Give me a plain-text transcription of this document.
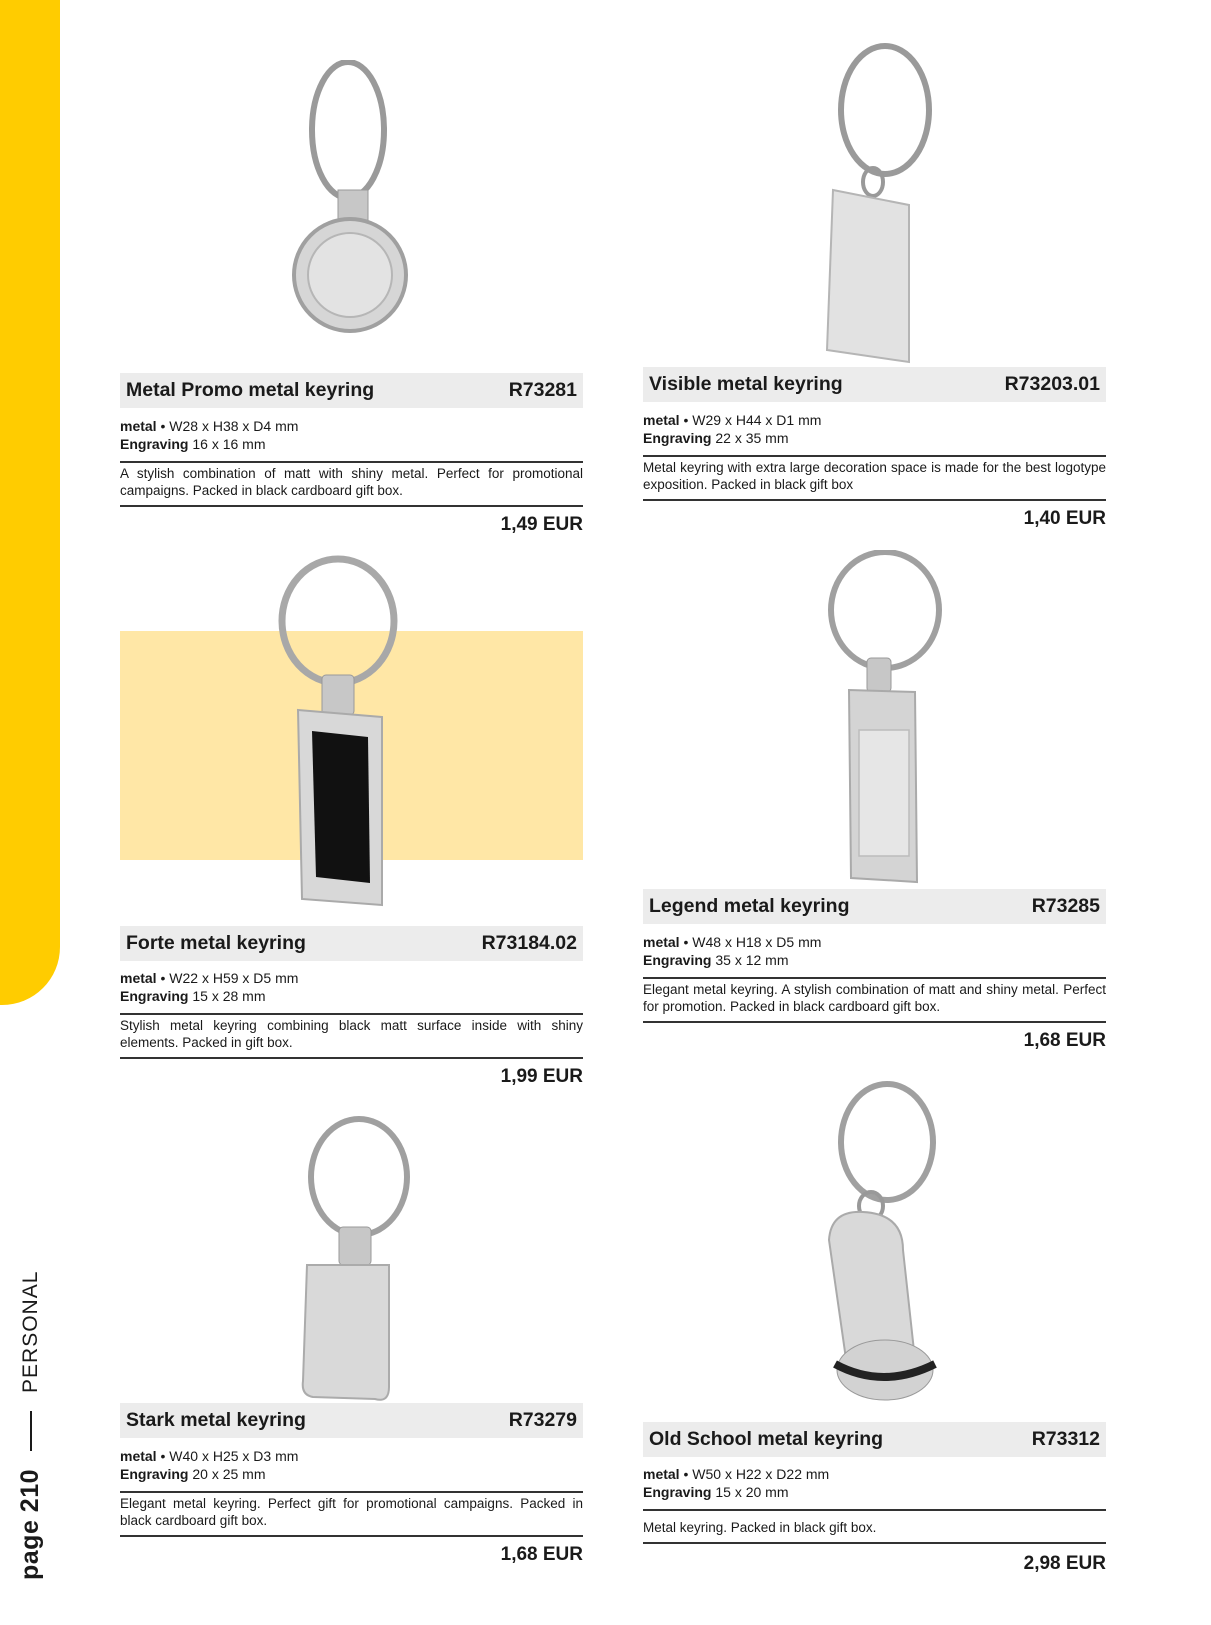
page 210
PERSONAL
Metal Promo metal keyring	R73281
metal • W28 x H38 x D4 mm
Engraving 16 x 16 mm
A stylish combination of matt with shiny metal. Perfect for promotional campaigns. Packed in black cardboard gift box.
1,49 EUR
Visible metal keyring	R73203.01
metal • W29 x H44 x D1 mm
Engraving 22 x 35 mm
Metal keyring with extra large decoration space is made for the best logotype exposition. Packed in black gift box
1,40 EUR
Forte metal keyring	R73184.02
metal • W22 x H59 x D5 mm
Engraving 15 x 28 mm
Stylish metal keyring combining black matt surface inside with shiny elements. Packed in gift box.
1,99 EUR
Legend metal keyring	R73285
metal • W48 x H18 x D5 mm
Engraving 35 x 12 mm
Elegant metal keyring. A stylish combination of matt and shiny metal. Perfect for promotion. Packed in black cardboard gift box.
1,68 EUR
Stark metal keyring	R73279
metal • W40 x H25 x D3 mm
Engraving 20 x 25 mm
Elegant metal keyring. Perfect gift for promotional campaigns. Packed in black cardboard gift box.
1,68 EUR
Old School metal keyring	R73312
metal • W50 x H22 x D22 mm
Engraving 15 x 20 mm
Metal keyring. Packed in black gift box.
2,98 EUR
